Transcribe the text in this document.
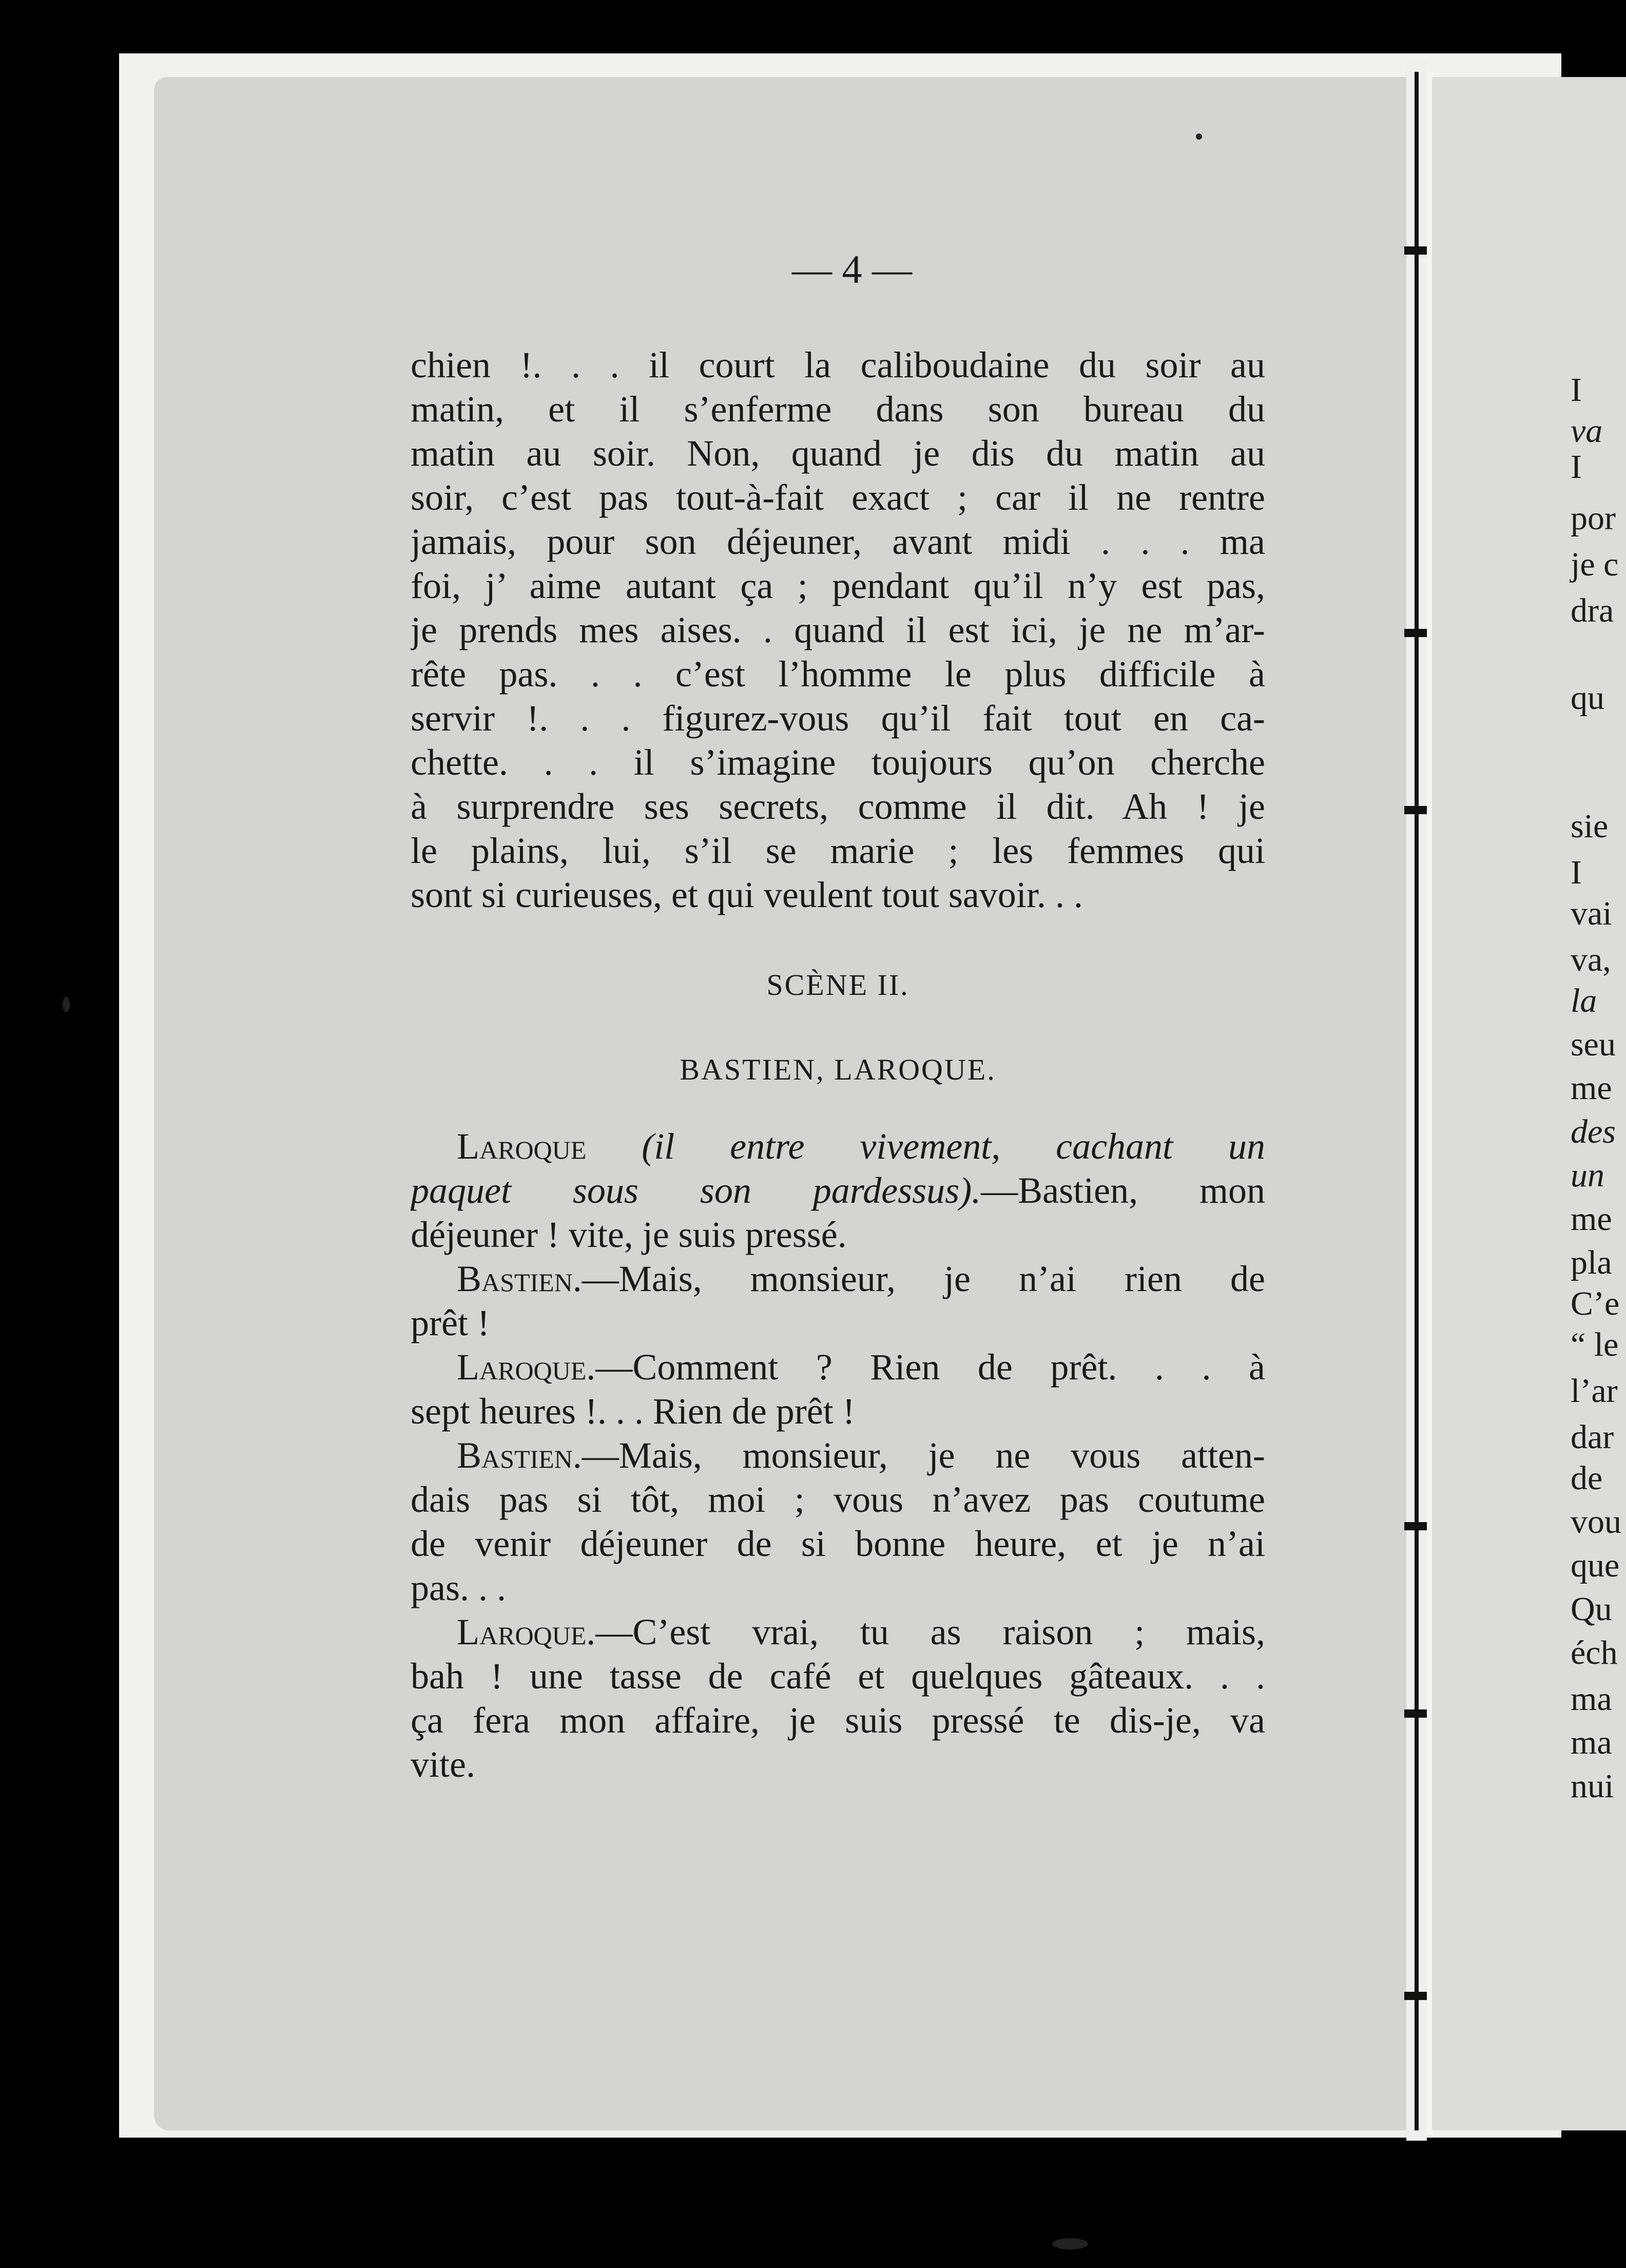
I
va
I
por
je c
dra
qu
sie
I
vai
va,
la
seu
me
des
un
me
pla
C’e
“ le
l’ar
dar
de
vou
que
Qu
éch
ma
ma
nui
— 4 —
chien !. . . il court la caliboudaine du soir au
matin, et il s’enferme dans son bureau du
matin au soir. Non, quand je dis du matin au
soir, c’est pas tout-à-fait exact ; car il ne rentre
jamais, pour son déjeuner, avant midi . . . ma
foi, j’ aime autant ça ; pendant qu’il n’y est pas,
je prends mes aises. . quand il est ici, je ne m’ar-
rête pas. . . c’est l’homme le plus difficile à
servir !. . . figurez-vous qu’il fait tout en ca-
chette. . . il s’imagine toujours qu’on cherche
à surprendre ses secrets, comme il dit. Ah ! je
le plains, lui, s’il se marie ; les femmes qui
sont si curieuses, et qui veulent tout savoir. . .
SCÈNE II.
BASTIEN, LAROQUE.
Laroque (il entre vivement, cachant un
paquet sous son pardessus).—Bastien, mon
déjeuner ! vite, je suis pressé.
Bastien.—Mais, monsieur, je n’ai rien de
prêt !
Laroque.—Comment ? Rien de prêt. . . à
sept heures !. . . Rien de prêt !
Bastien.—Mais, monsieur, je ne vous atten-
dais pas si tôt, moi ; vous n’avez pas coutume
de venir déjeuner de si bonne heure, et je n’ai
pas. . .
Laroque.—C’est vrai, tu as raison ; mais,
bah ! une tasse de café et quelques gâteaux. . .
ça fera mon affaire, je suis pressé te dis-je, va
vite.
